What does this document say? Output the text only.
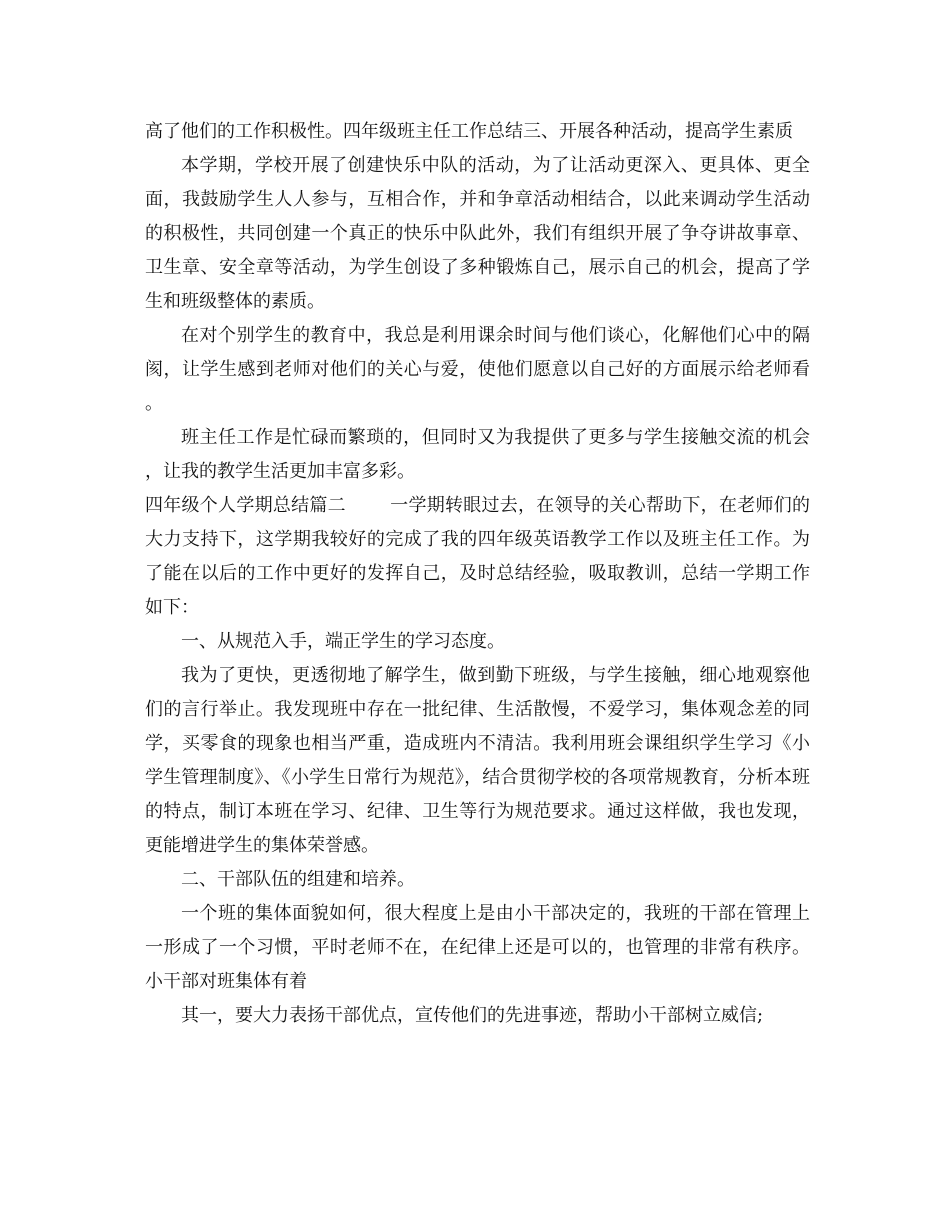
高了他们的工作积极性。四年级班主任工作总结三、开展各种活动，提高学生素质

本学期，学校开展了创建快乐中队的活动，为了让活动更深入、更具体、更全面，我鼓励学生人人参与，互相合作，并和争章活动相结合，以此来调动学生活动的积极性，共同创建一个真正的快乐中队此外，我们有组织开展了争夺讲故事章、卫生章、安全章等活动，为学生创设了多种锻炼自己，展示自己的机会，提高了学生和班级整体的素质。

在对个别学生的教育中，我总是利用课余时间与他们谈心，化解他们心中的隔阂，让学生感到老师对他们的关心与爱，使他们愿意以自己好的方面展示给老师看。

班主任工作是忙碌而繁琐的，但同时又为我提供了更多与学生接触交流的机会，让我的教学生活更加丰富多彩。

四年级个人学期总结篇二 一学期转眼过去，在领导的关心帮助下，在老师们的大力支持下，这学期我较好的完成了我的四年级英语教学工作以及班主任工作。为了能在以后的工作中更好的发挥自己，及时总结经验，吸取教训，总结一学期工作如下：

一、从规范入手，端正学生的学习态度。

我为了更快，更透彻地了解学生，做到勤下班级，与学生接触，细心地观察他们的言行举止。我发现班中存在一批纪律、生活散慢，不爱学习，集体观念差的同学，买零食的现象也相当严重，造成班内不清洁。我利用班会课组织学生学习《小学生管理制度》、《小学生日常行为规范》，结合贯彻学校的各项常规教育，分析本班的特点，制订本班在学习、纪律、卫生等行为规范要求。通过这样做，我也发现，更能增进学生的集体荣誉感。

二、干部队伍的组建和培养。

一个班的集体面貌如何，很大程度上是由小干部决定的，我班的干部在管理上一形成了一个习惯，平时老师不在，在纪律上还是可以的，也管理的非常有秩序。小干部对班集体有着

其一，要大力表扬干部优点，宣传他们的先进事迹，帮助小干部树立威信;
